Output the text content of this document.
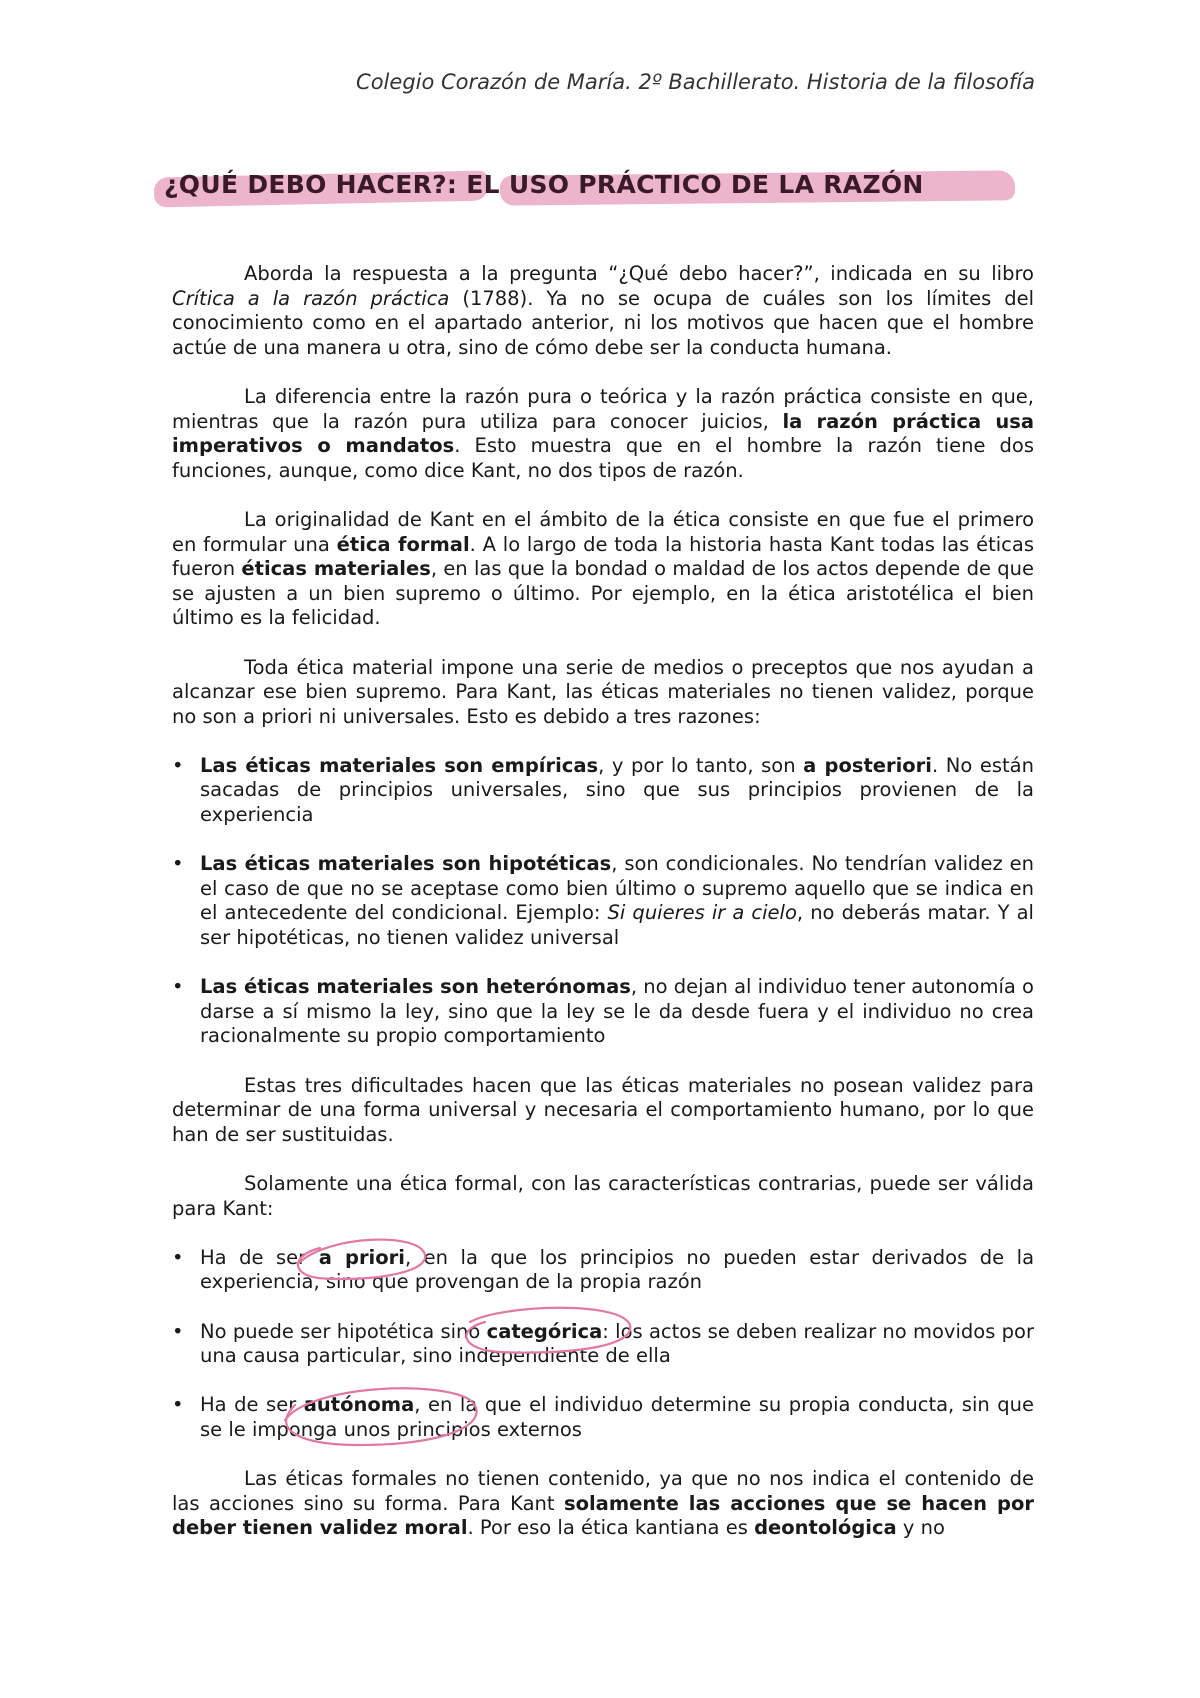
Colegio Corazón de María. 2º Bachillerato. Historia de la filosofía
¿QUÉ DEBO HACER?: EL USO PRÁCTICO DE LA RAZÓN

Aborda la respuesta a la pregunta “¿Qué debo hacer?”, indicada en su libro Crítica a la razón práctica (1788). Ya no se ocupa de cuáles son los límites del conocimiento como en el apartado anterior, ni los motivos que hacen que el hombre actúe de una manera u otra, sino de cómo debe ser la conducta humana.

La diferencia entre la razón pura o teórica y la razón práctica consiste en que, mientras que la razón pura utiliza para conocer juicios, la razón práctica usa imperativos o mandatos. Esto muestra que en el hombre la razón tiene dos funciones, aunque, como dice Kant, no dos tipos de razón.

La originalidad de Kant en el ámbito de la ética consiste en que fue el primero en formular una ética formal. A lo largo de toda la historia hasta Kant todas las éticas fueron éticas materiales, en las que la bondad o maldad de los actos depende de que se ajusten a un bien supremo o último. Por ejemplo, en la ética aristotélica el bien último es la felicidad.

Toda ética material impone una serie de medios o preceptos que nos ayudan a alcanzar ese bien supremo. Para Kant, las éticas materiales no tienen validez, porque no son a priori ni universales. Esto es debido a tres razones:

• Las éticas materiales son empíricas, y por lo tanto, son a posteriori. No están sacadas de principios universales, sino que sus principios provienen de la experiencia
• Las éticas materiales son hipotéticas, son condicionales. No tendrían validez en el caso de que no se aceptase como bien último o supremo aquello que se indica en el antecedente del condicional. Ejemplo: Si quieres ir a cielo, no deberás matar. Y al ser hipotéticas, no tienen validez universal
• Las éticas materiales son heterónomas, no dejan al individuo tener autonomía o darse a sí mismo la ley, sino que la ley se le da desde fuera y el individuo no crea racionalmente su propio comportamiento

Estas tres dificultades hacen que las éticas materiales no posean validez para determinar de una forma universal y necesaria el comportamiento humano, por lo que han de ser sustituidas.

Solamente una ética formal, con las características contrarias, puede ser válida para Kant:

• Ha de ser a priori, en la que los principios no pueden estar derivados de la experiencia, sino que provengan de la propia razón
• No puede ser hipotética sino categórica: los actos se deben realizar no movidos por una causa particular, sino independiente de ella
• Ha de ser autónoma, en la que el individuo determine su propia conducta, sin que se le imponga unos principios externos

Las éticas formales no tienen contenido, ya que no nos indica el contenido de las acciones sino su forma. Para Kant solamente las acciones que se hacen por deber tienen validez moral. Por eso la ética kantiana es deontológica y no
